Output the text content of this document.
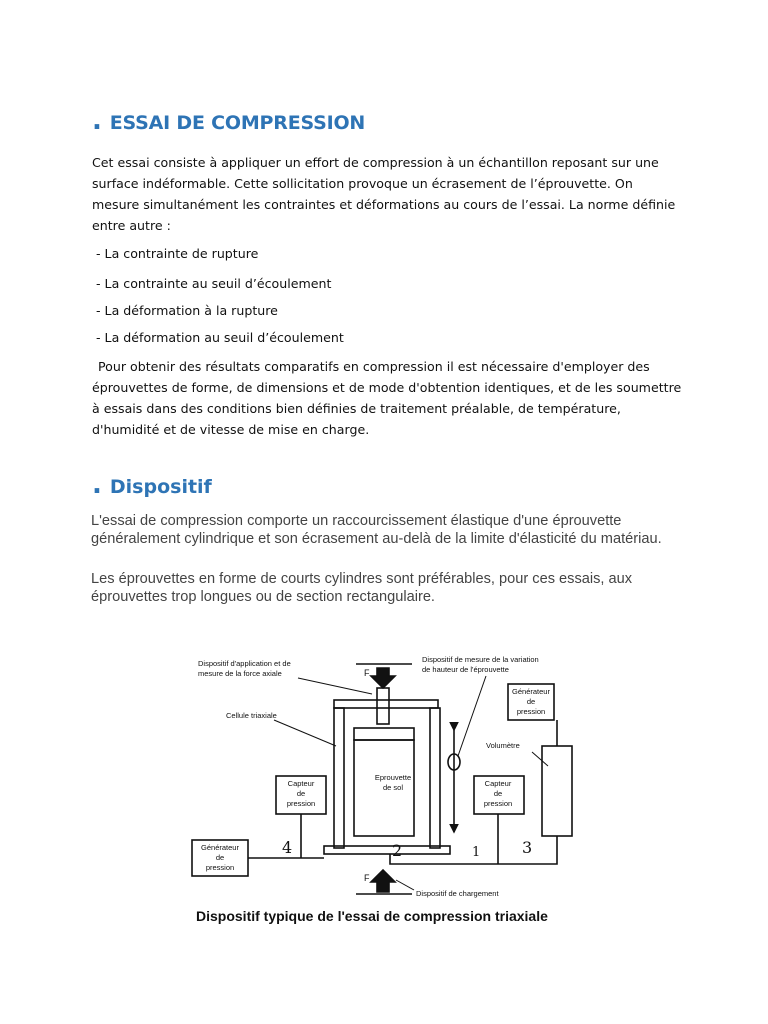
. ESSAI DE COMPRESSION

Cet essai consiste à appliquer un effort de compression à un échantillon reposant sur une surface indéformable. Cette sollicitation provoque un écrasement de l’éprouvette. On mesure simultanément les contraintes et déformations au cours de l’essai. La norme définie entre autre :

- La contrainte de rupture

- La contrainte au seuil d’écoulement

- La déformation à la rupture

- La déformation au seuil d’écoulement

Pour obtenir des résultats comparatifs en compression il est nécessaire d'employer des éprouvettes de forme, de dimensions et de mode d'obtention identiques, et de les soumettre à essais dans des conditions bien définies de traitement préalable, de température, d'humidité et de vitesse de mise en charge.

. Dispositif

L'essai de compression comporte un raccourcissement élastique d'une éprouvette généralement cylindrique et son écrasement au-delà de la limite d'élasticité du matériau.

Les éprouvettes en forme de courts cylindres sont préférables, pour ces essais, aux éprouvettes trop longues ou de section rectangulaire.

Dispositif d'application et de
mesure de la force axiale
Dispositif de mesure de la variation
de hauteur de l'éprouvette
Cellule triaxiale
Volumètre
Dispositif de chargement
Générateur
de
pression
Eprouvette
de sol
Capteur
de
pression
Capteur
de
pression
Générateur
de
pression
F
F
4	2	1	3

Dispositif typique de l'essai de compression triaxiale
